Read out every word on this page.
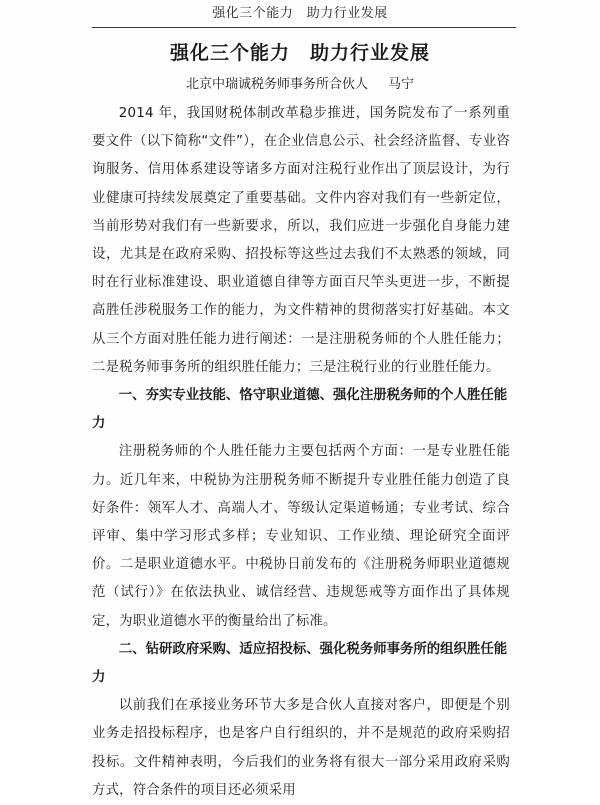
强化三个能力　助力行业发展
强化三个能力　助力行业发展
北京中瑞诚税务师事务所合伙人 马宁

2014 年，我国财税体制改革稳步推进，国务院发布了一系列重要文件（以下简称“文件”），在企业信息公示、社会经济监督、专业咨询服务、信用体系建设等诸多方面对注税行业作出了顶层设计，为行业健康可持续发展奠定了重要基础。文件内容对我们有一些新定位，当前形势对我们有一些新要求，所以，我们应进一步强化自身能力建设，尤其是在政府采购、招投标等这些过去我们不太熟悉的领域，同时在行业标准建设、职业道德自律等方面百尺竿头更进一步，不断提高胜任涉税服务工作的能力，为文件精神的贯彻落实打好基础。本文从三个方面对胜任能力进行阐述：一是注册税务师的个人胜任能力；二是税务师事务所的组织胜任能力；三是注税行业的行业胜任能力。

一、夯实专业技能、恪守职业道德、强化注册税务师的个人胜任能力

注册税务师的个人胜任能力主要包括两个方面：一是专业胜任能力。近几年来，中税协为注册税务师不断提升专业胜任能力创造了良好条件：领军人才、高端人才、等级认定渠道畅通；专业考试、综合评审、集中学习形式多样；专业知识、工作业绩、理论研究全面评价。二是职业道德水平。中税协日前发布的《注册税务师职业道德规范（试行）》在依法执业、诚信经营、违规惩戒等方面作出了具体规定，为职业道德水平的衡量给出了标准。

二、钻研政府采购、适应招投标、强化税务师事务所的组织胜任能力

以前我们在承接业务环节大多是合伙人直接对客户，即便是个别业务走招投标程序，也是客户自行组织的，并不是规范的政府采购招投标。文件精神表明，今后我们的业务将有很大一部分采用政府采购方式，符合条件的项目还必须采用
